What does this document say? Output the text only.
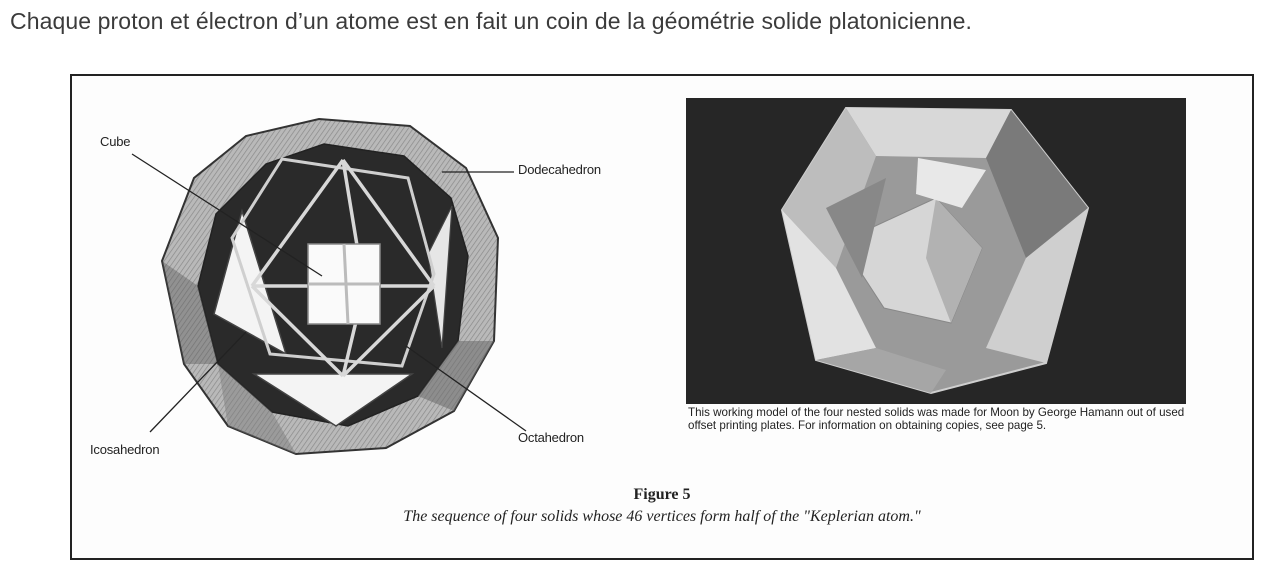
Chaque proton et électron d’un atome est en fait un coin de la géométrie solide platonicienne.
Cube
Dodecahedron
Icosahedron
Octahedron
This working model of the four nested solids was made for Moon by George Hamann out of used offset printing plates. For information on obtaining copies, see page 5.
Figure 5
The sequence of four solids whose 46 vertices form half of the "Keplerian atom."
